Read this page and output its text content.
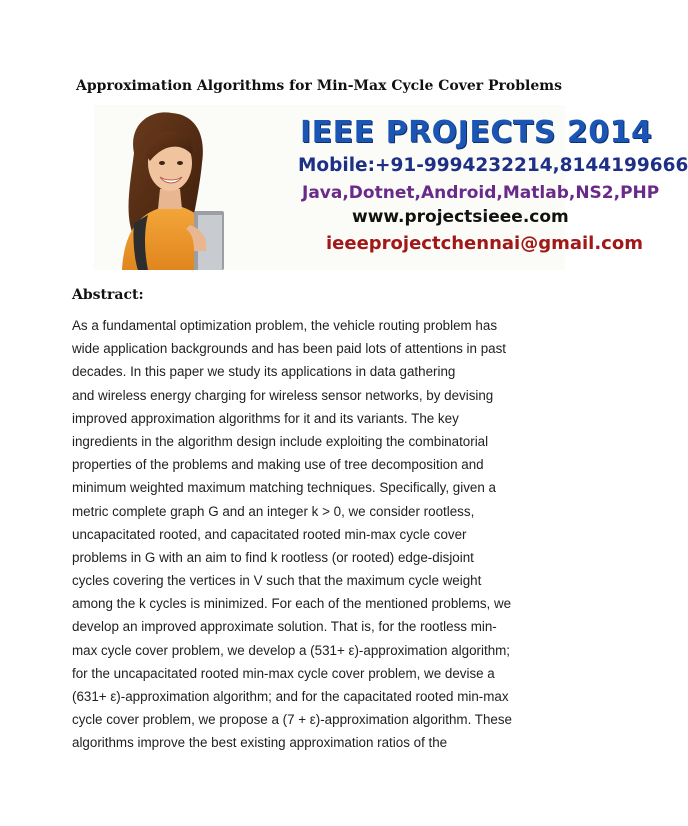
Approximation Algorithms for Min-Max Cycle Cover Problems
IEEE PROJECTS 2014
Mobile:+91-9994232214,8144199666
Java,Dotnet,Android,Matlab,NS2,PHP
www.projectsieee.com
ieeeprojectchennai@gmail.com
Abstract:
As a fundamental optimization problem, the vehicle routing problem has
wide application backgrounds and has been paid lots of attentions in past
decades. In this paper we study its applications in data gathering
and wireless energy charging for wireless sensor networks, by devising
improved approximation algorithms for it and its variants. The key
ingredients in the algorithm design include exploiting the combinatorial
properties of the problems and making use of tree decomposition and
minimum weighted maximum matching techniques. Specifically, given a
metric complete graph G and an integer k > 0, we consider rootless,
uncapacitated rooted, and capacitated rooted min-max cycle cover
problems in G with an aim to find k rootless (or rooted) edge-disjoint
cycles covering the vertices in V such that the maximum cycle weight
among the k cycles is minimized. For each of the mentioned problems, we
develop an improved approximate solution. That is, for the rootless min-
max cycle cover problem, we develop a (531+ ε)-approximation algorithm;
for the uncapacitated rooted min-max cycle cover problem, we devise a
(631+ ε)-approximation algorithm; and for the capacitated rooted min-max
cycle cover problem, we propose a (7 + ε)-approximation algorithm. These
algorithms improve the best existing approximation ratios of the
